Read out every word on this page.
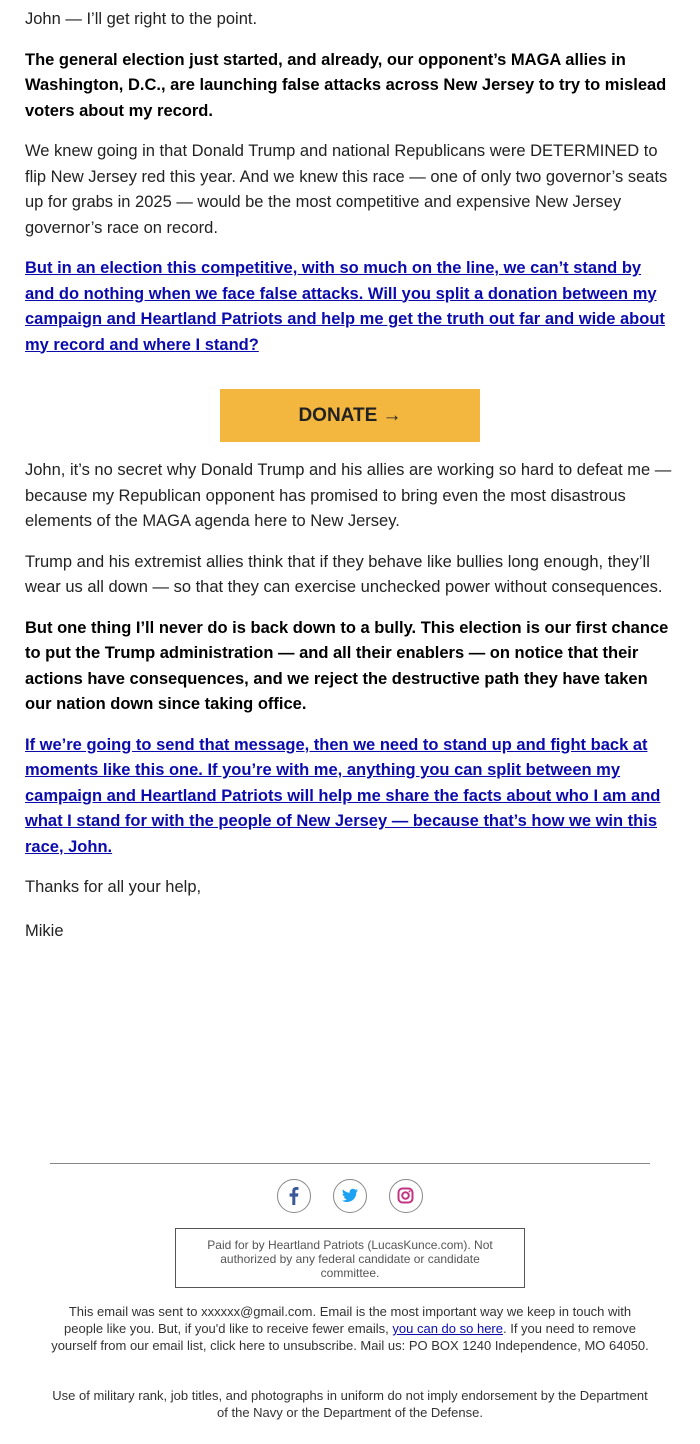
John — I’ll get right to the point.

The general election just started, and already, our opponent’s MAGA allies in Washington, D.C., are launching false attacks across New Jersey to try to mislead voters about my record.

We knew going in that Donald Trump and national Republicans were DETERMINED to flip New Jersey red this year. And we knew this race — one of only two governor’s seats up for grabs in 2025 — would be the most competitive and expensive New Jersey governor’s race on record.

But in an election this competitive, with so much on the line, we can’t stand by and do nothing when we face false attacks. Will you split a donation between my campaign and Heartland Patriots and help me get the truth out far and wide about my record and where I stand?

DONATE →

John, it’s no secret why Donald Trump and his allies are working so hard to defeat me — because my Republican opponent has promised to bring even the most disastrous elements of the MAGA agenda here to New Jersey.

Trump and his extremist allies think that if they behave like bullies long enough, they’ll wear us all down — so that they can exercise unchecked power without consequences.

But one thing I’ll never do is back down to a bully. This election is our first chance to put the Trump administration — and all their enablers — on notice that their actions have consequences, and we reject the destructive path they have taken our nation down since taking office.

If we’re going to send that message, then we need to stand up and fight back at moments like this one. If you’re with me, anything you can split between my campaign and Heartland Patriots will help me share the facts about who I am and what I stand for with the people of New Jersey — because that’s how we win this race, John.

Thanks for all your help,

Mikie

Paid for by Heartland Patriots (LucasKunce.com). Not authorized by any federal candidate or candidate committee.
This email was sent to xxxxxx@gmail.com. Email is the most important way we keep in touch with people like you. But, if you'd like to receive fewer emails, you can do so here. If you need to remove yourself from our email list, click here to unsubscribe. Mail us: PO BOX 1240 Independence, MO 64050.
Use of military rank, job titles, and photographs in uniform do not imply endorsement by the Department of the Navy or the Department of the Defense.
